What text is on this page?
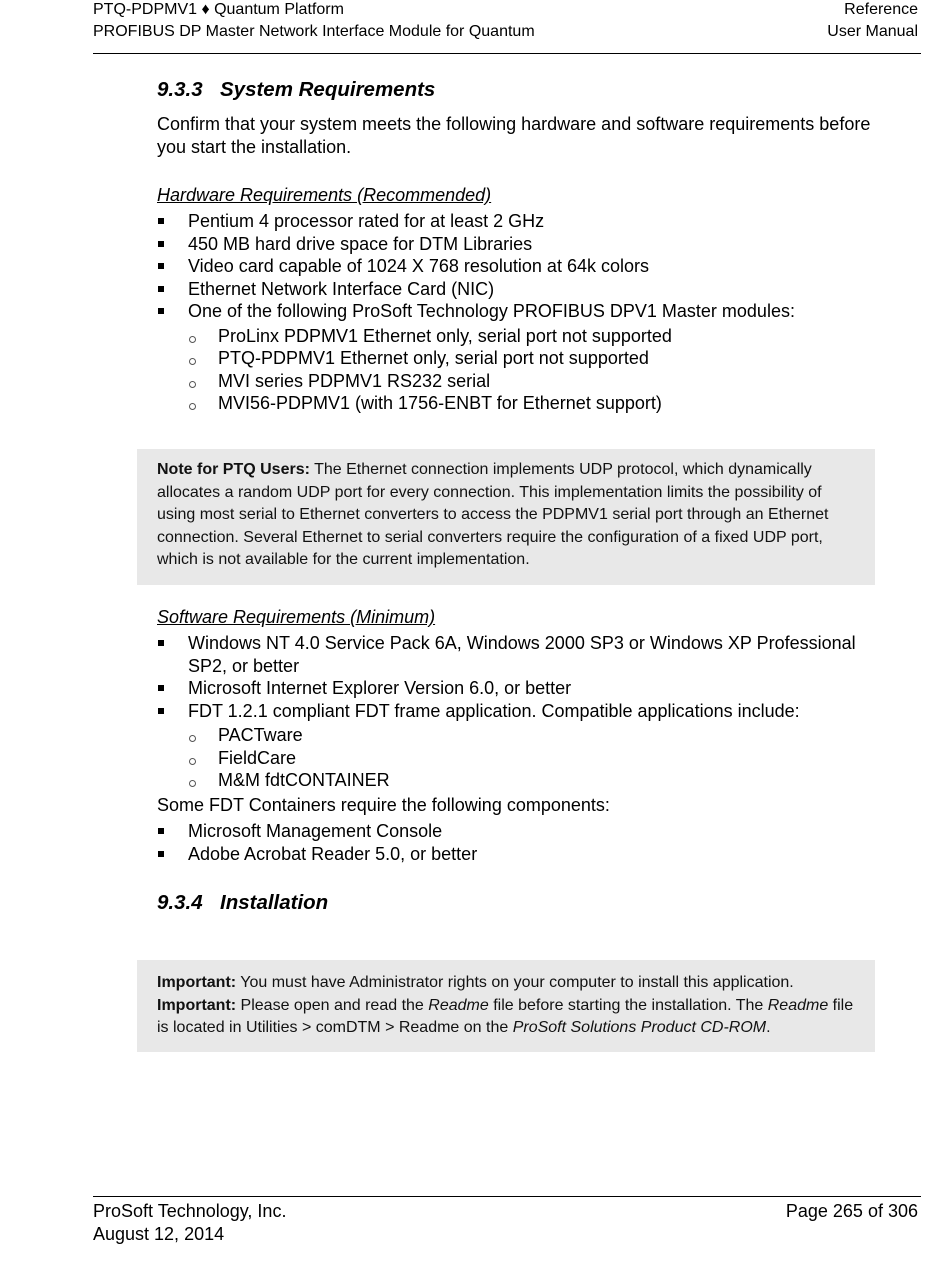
PTQ-PDPMV1 ♦ Quantum Platform
PROFIBUS DP Master Network Interface Module for Quantum
Reference
User Manual
9.3.3 System Requirements

Confirm that your system meets the following hardware and software requirements before you start the installation.

Hardware Requirements (Recommended)
Pentium 4 processor rated for at least 2 GHz
450 MB hard drive space for DTM Libraries
Video card capable of 1024 X 768 resolution at 64k colors
Ethernet Network Interface Card (NIC)
One of the following ProSoft Technology PROFIBUS DPV1 Master modules:
ProLinx PDPMV1 Ethernet only, serial port not supported
PTQ-PDPMV1 Ethernet only, serial port not supported
MVI series PDPMV1 RS232 serial
MVI56-PDPMV1 (with 1756-ENBT for Ethernet support)
Note for PTQ Users: The Ethernet connection implements UDP protocol, which dynamically allocates a random UDP port for every connection. This implementation limits the possibility of using most serial to Ethernet converters to access the PDPMV1 serial port through an Ethernet connection. Several Ethernet to serial converters require the configuration of a fixed UDP port, which is not available for the current implementation.
Software Requirements (Minimum)
Windows NT 4.0 Service Pack 6A, Windows 2000 SP3 or Windows XP Professional SP2, or better
Microsoft Internet Explorer Version 6.0, or better
FDT 1.2.1 compliant FDT frame application. Compatible applications include:
PACTware
FieldCare
M&M fdtCONTAINER

Some FDT Containers require the following components:

Microsoft Management Console
Adobe Acrobat Reader 5.0, or better
9.3.4 Installation
Important: You must have Administrator rights on your computer to install this application.
Important: Please open and read the Readme file before starting the installation. The Readme file is located in Utilities > comDTM > Readme on the ProSoft Solutions Product CD-ROM.
ProSoft Technology, Inc.
August 12, 2014
Page 265 of 306
